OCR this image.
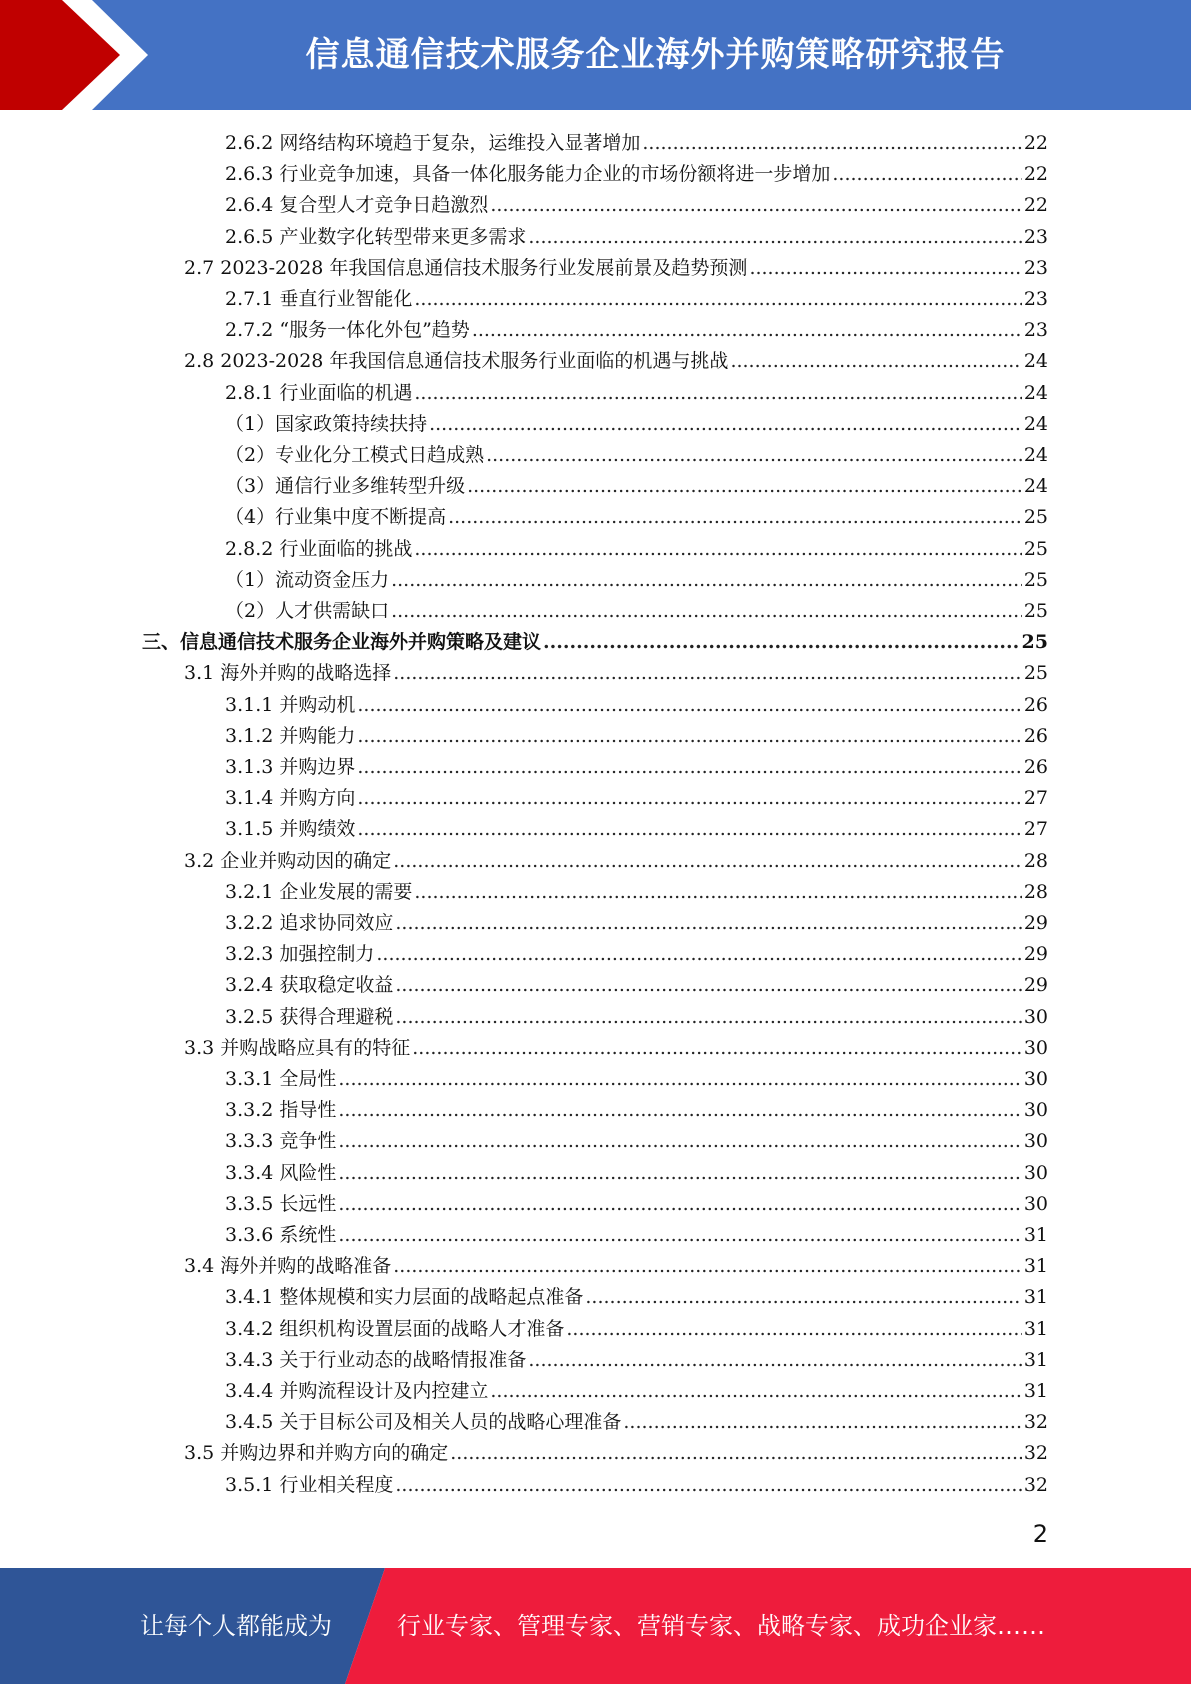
信息通信技术服务企业海外并购策略研究报告
2.6.2 网络结构环境趋于复杂，运维投入显著增加 .....	22
2.6.3 行业竞争加速，具备一体化服务能力企业的市场份额将进一步增加 .....	22
2.6.4 复合型人才竞争日趋激烈 .....	22
2.6.5 产业数字化转型带来更多需求 .....	23
2.7 2023-2028 年我国信息通信技术服务行业发展前景及趋势预测 .....	23
2.7.1 垂直行业智能化 .....	23
2.7.2 “服务一体化外包”趋势 .....	23
2.8 2023-2028 年我国信息通信技术服务行业面临的机遇与挑战 .....	24
2.8.1 行业面临的机遇 .....	24
（1）国家政策持续扶持 .....	24
（2）专业化分工模式日趋成熟 .....	24
（3）通信行业多维转型升级 .....	24
（4）行业集中度不断提高 .....	25
2.8.2 行业面临的挑战 .....	25
（1）流动资金压力 .....	25
（2）人才供需缺口 .....	25
三、信息通信技术服务企业海外并购策略及建议 .....	25
3.1 海外并购的战略选择 .....	25
3.1.1 并购动机 .....	26
3.1.2 并购能力 .....	26
3.1.3 并购边界 .....	26
3.1.4 并购方向 .....	27
3.1.5 并购绩效 .....	27
3.2 企业并购动因的确定 .....	28
3.2.1 企业发展的需要 .....	28
3.2.2 追求协同效应 .....	29
3.2.3 加强控制力 .....	29
3.2.4 获取稳定收益 .....	29
3.2.5 获得合理避税 .....	30
3.3 并购战略应具有的特征 .....	30
3.3.1 全局性 .....	30
3.3.2 指导性 .....	30
3.3.3 竞争性 .....	30
3.3.4 风险性 .....	30
3.3.5 长远性 .....	30
3.3.6 系统性 .....	31
3.4 海外并购的战略准备 .....	31
3.4.1 整体规模和实力层面的战略起点准备 .....	31
3.4.2 组织机构设置层面的战略人才准备 .....	31
3.4.3 关于行业动态的战略情报准备 .....	31
3.4.4 并购流程设计及内控建立 .....	31
3.4.5 关于目标公司及相关人员的战略心理准备 .....	32
3.5 并购边界和并购方向的确定 .....	32
3.5.1 行业相关程度 .....	32
2
让每个人都能成为	行业专家、管理专家、营销专家、战略专家、成功企业家……
